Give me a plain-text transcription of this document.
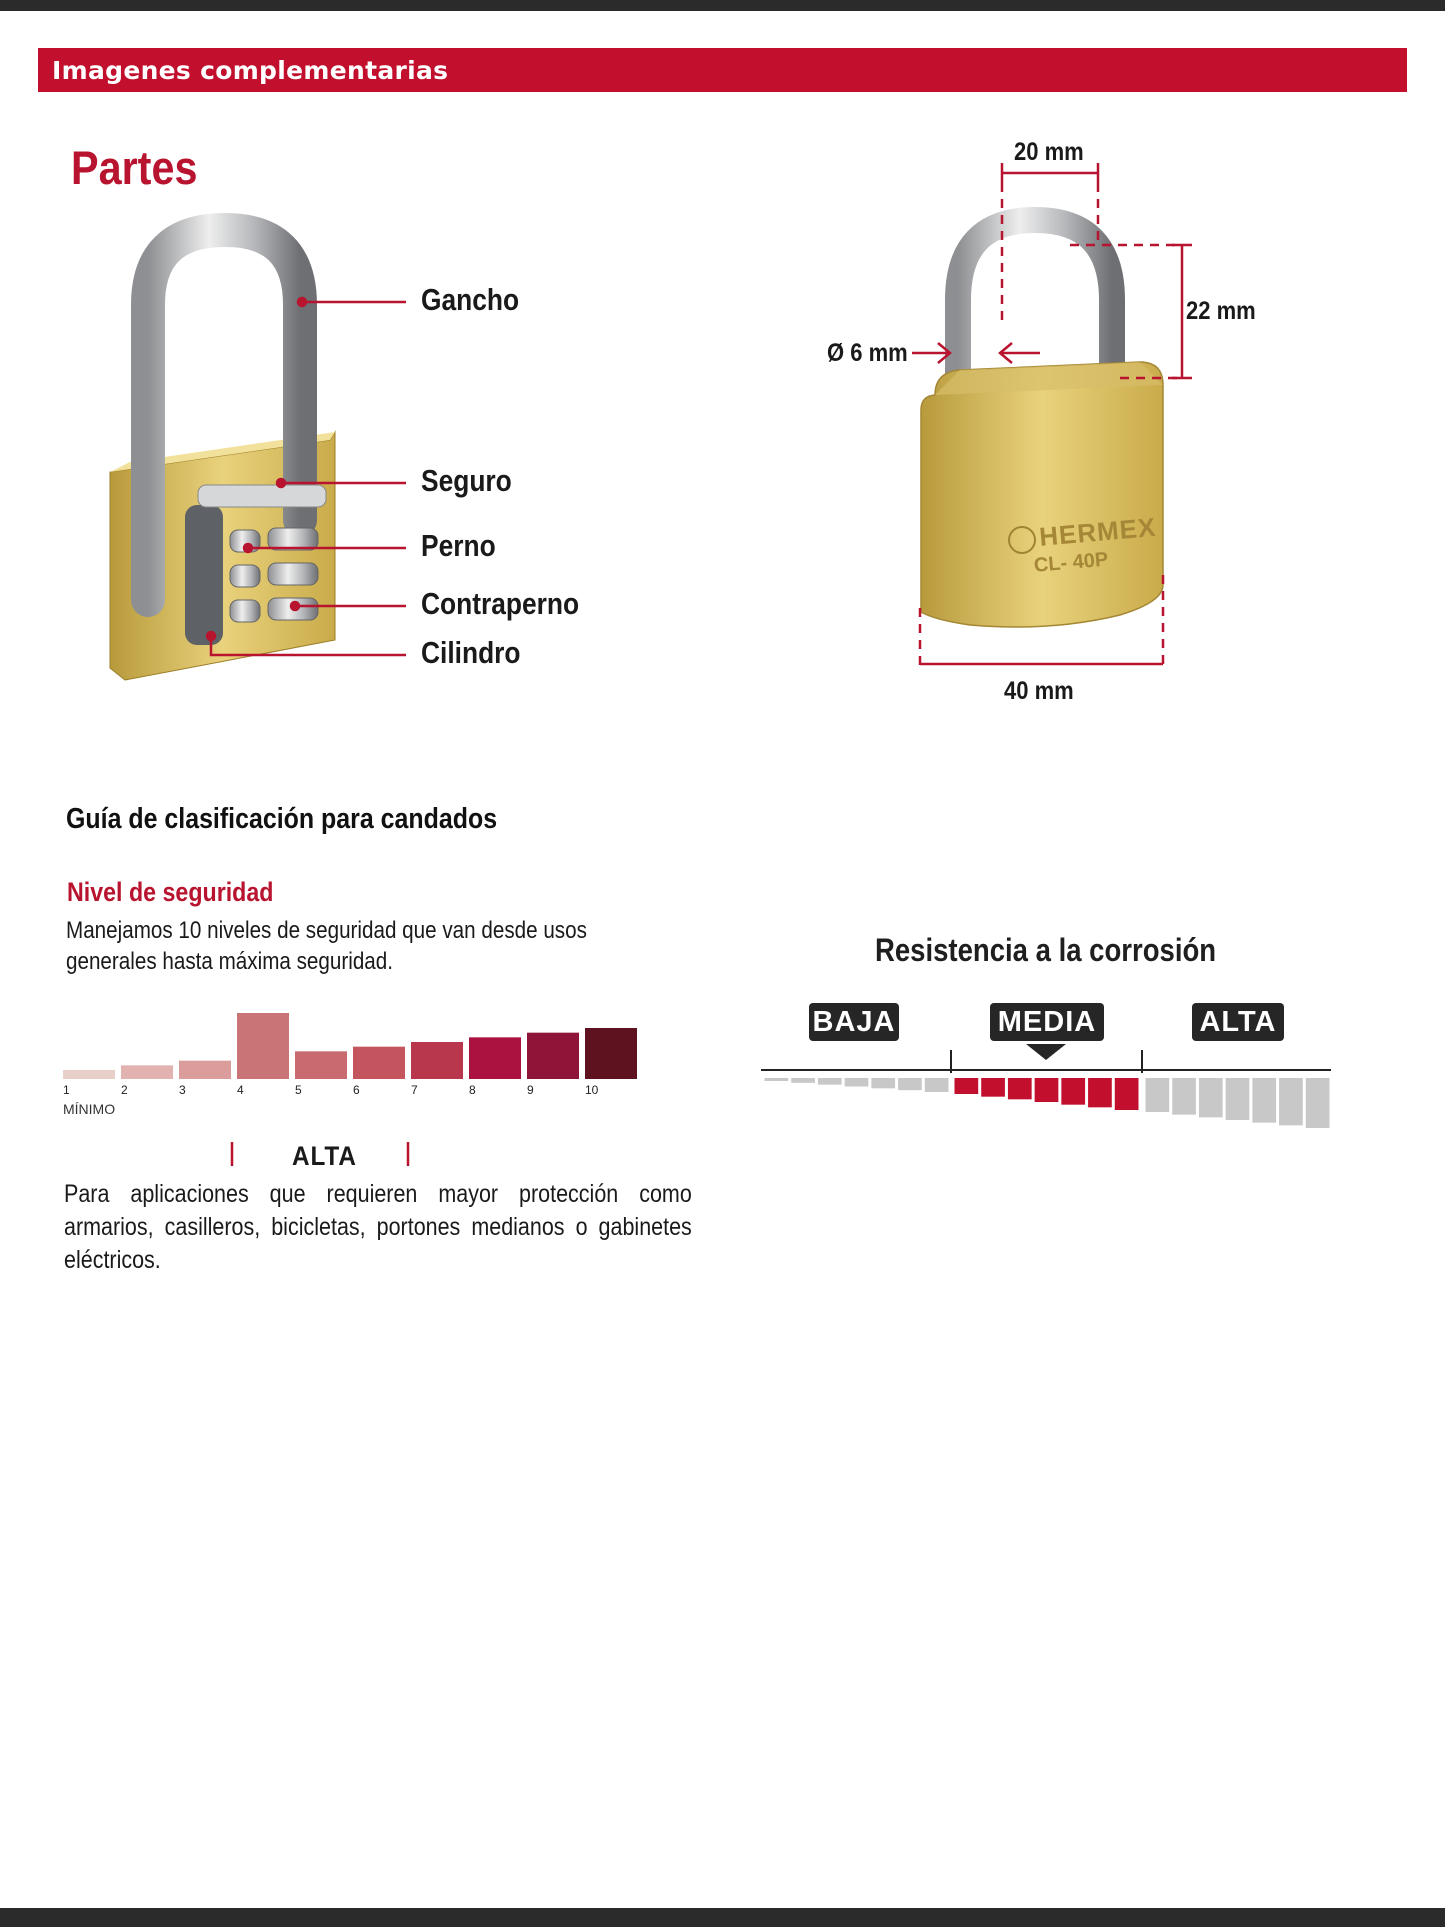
Imagenes complementarias
Partes
Gancho
Seguro
Perno
Contraperno
Cilindro
20 mm
22 mm
Ø 6 mm
40 mm
HERMEX
CL- 40P
Guía de clasificación para candados
Nivel de seguridad
Manejamos 10 niveles de seguridad que van desde usos generales hasta máxima seguridad.
1	2	3	4	5	6	7	8	9	10
MÍNIMO
ALTA
Para aplicaciones que requieren mayor protección como armarios, casilleros, bicicletas, portones medianos o gabinetes eléctricos.
Resistencia a la corrosión
BAJA	MEDIA	ALTA
